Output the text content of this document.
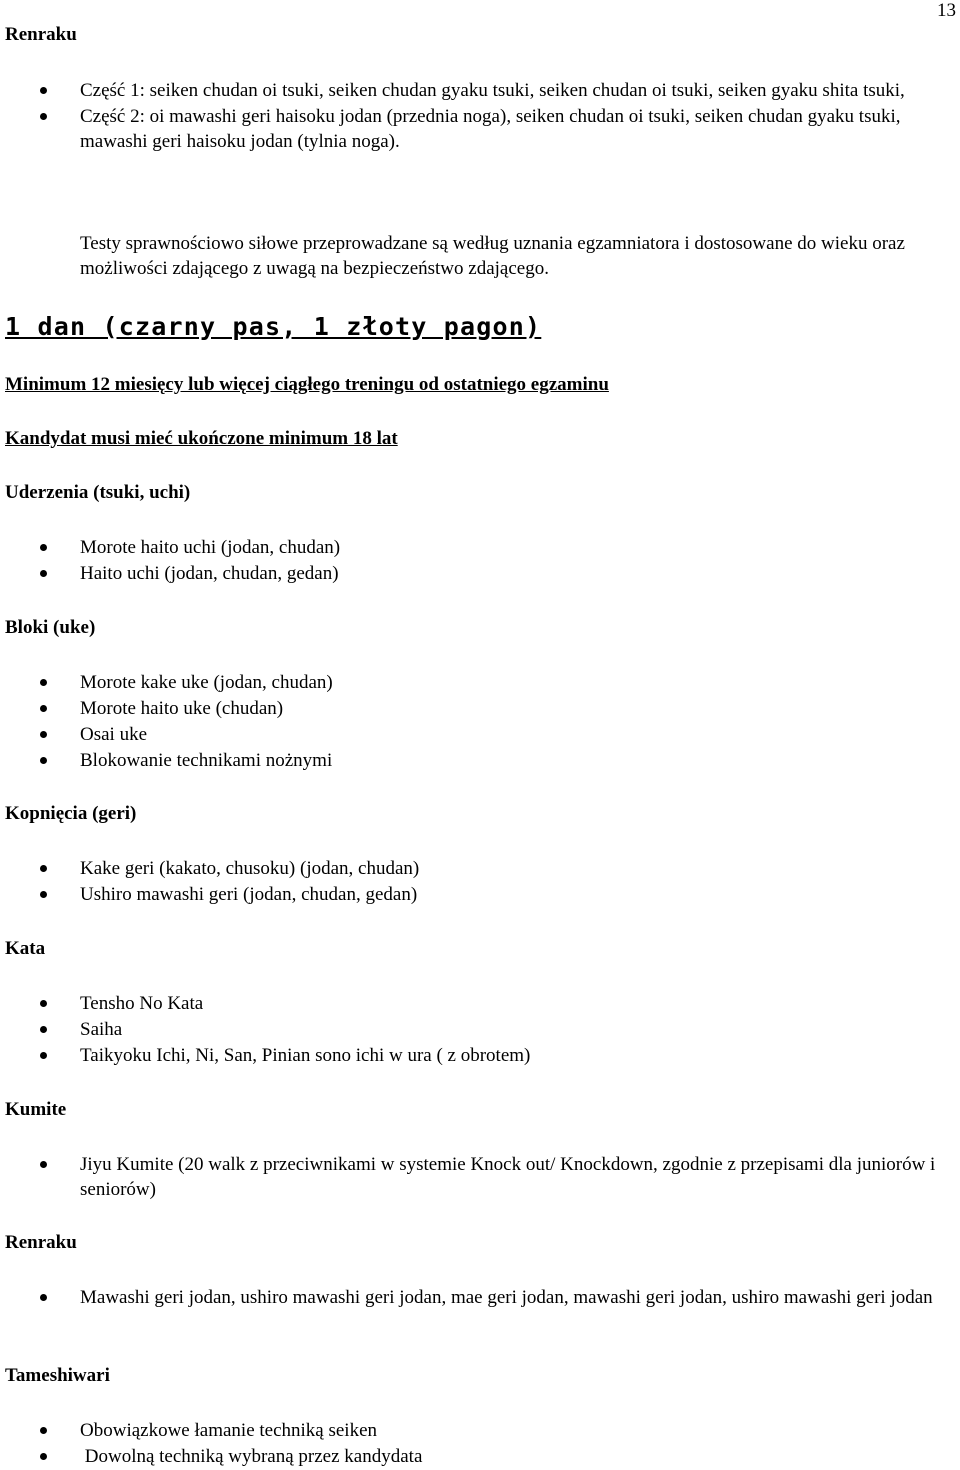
13
Renraku
Część 1: seiken chudan oi tsuki, seiken chudan gyaku tsuki, seiken chudan oi tsuki, seiken gyaku shita tsuki,
Część 2: oi mawashi geri haisoku jodan (przednia noga), seiken chudan oi tsuki, seiken chudan gyaku tsuki, mawashi geri haisoku jodan (tylnia noga).
Testy sprawnościowo siłowe przeprowadzane są według uznania egzamniatora i dostosowane do wieku oraz możliwości zdającego z uwagą na bezpieczeństwo zdającego.
1 dan (czarny pas, 1 złoty pagon)
Minimum 12 miesięcy lub więcej ciągłego treningu od ostatniego egzaminu
Kandydat musi mieć ukończone minimum 18 lat
Uderzenia (tsuki, uchi)
Morote haito uchi (jodan, chudan)
Haito uchi (jodan, chudan, gedan)
Bloki (uke)
Morote kake uke (jodan, chudan)
Morote haito uke (chudan)
Osai uke
Blokowanie technikami nożnymi
Kopnięcia (geri)
Kake geri (kakato, chusoku) (jodan, chudan)
Ushiro mawashi geri (jodan, chudan, gedan)
Kata
Tensho No Kata
Saiha
Taikyoku Ichi, Ni, San, Pinian sono ichi w ura ( z obrotem)
Kumite
Jiyu Kumite (20 walk z przeciwnikami w systemie Knock out/ Knockdown, zgodnie z przepisami dla juniorów i seniorów)
Renraku
Mawashi geri jodan, ushiro mawashi geri jodan, mae geri jodan, mawashi geri jodan, ushiro mawashi geri jodan
Tameshiwari
Obowiązkowe łamanie techniką seiken
Dowolną techniką wybraną przez kandydata
